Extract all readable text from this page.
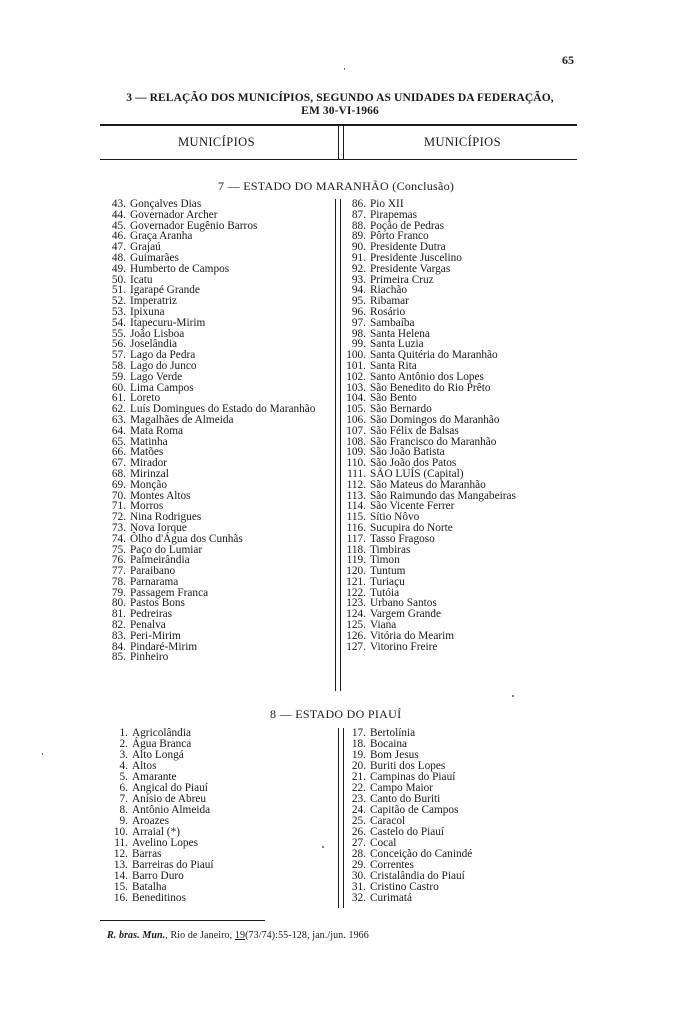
65
3 — RELAÇÃO DOS MUNICÍPIOS, SEGUNDO AS UNIDADES DA FEDERAÇÃO,
EM 30-VI-1966
MUNICÍPIOS	MUNICÍPIOS
7 — ESTADO DO MARANHÃO (Conclusão)
43. Gonçalves Dias
44. Governador Archer
45. Governador Eugênio Barros
46. Graça Aranha
47. Grajaú
48. Guimarães
49. Humberto de Campos
50. Icatu
51. Igarapé Grande
52. Imperatriz
53. Ipixuna
54. Itapecuru-Mirim
55. João Lisboa
56. Joselândia
57. Lago da Pedra
58. Lago do Junco
59. Lago Verde
60. Lima Campos
61. Loreto
62. Luís Domingues do Estado do Maranhão
63. Magalhães de Almeida
64. Mata Roma
65. Matinha
66. Matões
67. Mirador
68. Mirinzal
69. Monção
70. Montes Altos
71. Morros
72. Nina Rodrigues
73. Nova Iorque
74. Ôlho d'Água dos Cunhãs
75. Paço do Lumiar
76. Palmeirândia
77. Paraibano
78. Parnarama
79. Passagem Franca
80. Pastos Bons
81. Pedreiras
82. Penalva
83. Peri-Mirim
84. Pindaré-Mirim
85. Pinheiro
86. Pio XII
87. Pirapemas
88. Poção de Pedras
89. Pôrto Franco
90. Presidente Dutra
91. Presidente Juscelino
92. Presidente Vargas
93. Primeira Cruz
94. Riachão
95. Ribamar
96. Rosário
97. Sambaíba
98. Santa Helena
99. Santa Luzia
100. Santa Quitéria do Maranhão
101. Santa Rita
102. Santo Antônio dos Lopes
103. São Benedito do Rio Prêto
104. São Bento
105. São Bernardo
106. São Domingos do Maranhão
107. São Félix de Balsas
108. São Francisco do Maranhão
109. São João Batista
110. São João dos Patos
111. SÃO LUÍS (Capital)
112. São Mateus do Maranhão
113. São Raimundo das Mangabeiras
114. São Vicente Ferrer
115. Sítio Nôvo
116. Sucupira do Norte
117. Tasso Fragoso
118. Timbiras
119. Timon
120. Tuntum
121. Turiaçu
122. Tutóia
123. Urbano Santos
124. Vargem Grande
125. Viana
126. Vitória do Mearim
127. Vitorino Freire
8 — ESTADO DO PIAUÍ
1. Agricolândia
2. Água Branca
3. Alto Longá
4. Altos
5. Amarante
6. Angical do Piauí
7. Anísio de Abreu
8. Antônio Almeida
9. Aroazes
10. Arraial (*)
11. Avelino Lopes
12. Barras
13. Barreiras do Piauí
14. Barro Duro
15. Batalha
16. Beneditinos
17. Bertolínia
18. Bocaina
19. Bom Jesus
20. Buriti dos Lopes
21. Campinas do Piauí
22. Campo Maior
23. Canto do Buriti
24. Capitão de Campos
25. Caracol
26. Castelo do Piauí
27. Cocal
28. Conceição do Canindé
29. Correntes
30. Cristalândia do Piauí
31. Cristino Castro
32. Curimatá
R. bras. Mun., Rio de Janeiro, 19(73/74):55-128, jan./jun. 1966
